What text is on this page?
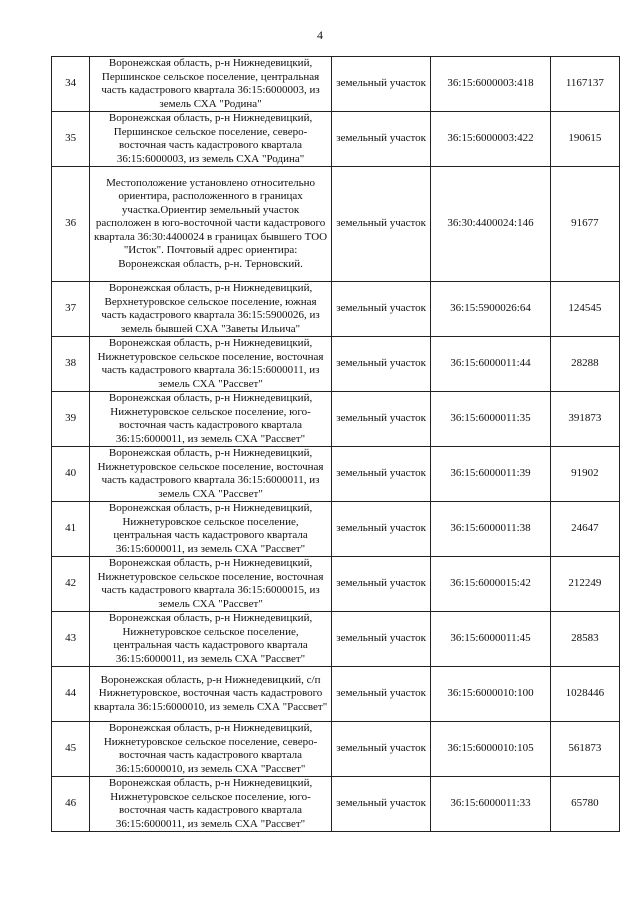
4
34	Воронежская область, р-н Нижнедевицкий, Першинское сельское поселение, центральная часть кадастрового квартала 36:15:6000003, из земель СХА "Родина"	земельный участок	36:15:6000003:418	1167137
35	Воронежская область, р-н Нижнедевицкий, Першинское сельское поселение, северо-восточная часть кадастрового квартала 36:15:6000003, из земель СХА "Родина"	земельный участок	36:15:6000003:422	190615
36	Местоположение установлено относительно ориентира, расположенного в границах участка.Ориентир земельный участок расположен в юго-восточной части кадастрового квартала 36:30:4400024 в границах бывшего ТОО "Исток". Почтовый адрес ориентира: Воронежская область, р-н. Терновский.	земельный участок	36:30:4400024:146	91677
37	Воронежская область, р-н Нижнедевицкий, Верхнетуровское сельское поселение, южная часть кадастрового квартала 36:15:5900026, из земель бывшей СХА "Заветы Ильича"	земельный участок	36:15:5900026:64	124545
38	Воронежская область, р-н Нижнедевицкий, Нижнетуровское сельское поселение, восточная часть кадастрового квартала 36:15:6000011, из земель СХА "Рассвет"	земельный участок	36:15:6000011:44	28288
39	Воронежская область, р-н Нижнедевицкий, Нижнетуровское сельское поселение, юго-восточная часть кадастрового квартала 36:15:6000011, из земель СХА "Рассвет"	земельный участок	36:15:6000011:35	391873
40	Воронежская область, р-н Нижнедевицкий, Нижнетуровское сельское поселение, восточная часть кадастрового квартала 36:15:6000011, из земель СХА "Рассвет"	земельный участок	36:15:6000011:39	91902
41	Воронежская область, р-н Нижнедевицкий, Нижнетуровское сельское поселение, центральная часть кадастрового квартала 36:15:6000011, из земель СХА "Рассвет"	земельный участок	36:15:6000011:38	24647
42	Воронежская область, р-н Нижнедевицкий, Нижнетуровское сельское поселение, восточная часть кадастрового квартала 36:15:6000015, из земель СХА "Рассвет"	земельный участок	36:15:6000015:42	212249
43	Воронежская область, р-н Нижнедевицкий, Нижнетуровское сельское поселение, центральная часть кадастрового квартала 36:15:6000011, из земель СХА "Рассвет"	земельный участок	36:15:6000011:45	28583
44	Воронежская область, р-н Нижнедевицкий, с/п Нижнетуровское, восточная часть кадастрового квартала 36:15:6000010, из земель СХА "Рассвет"	земельный участок	36:15:6000010:100	1028446
45	Воронежская область, р-н Нижнедевицкий, Нижнетуровское сельское поселение, северо-восточная часть кадастрового квартала 36:15:6000010, из земель СХА "Рассвет"	земельный участок	36:15:6000010:105	561873
46	Воронежская область, р-н Нижнедевицкий, Нижнетуровское сельское поселение, юго-восточная часть кадастрового квартала 36:15:6000011, из земель СХА "Рассвет"	земельный участок	36:15:6000011:33	65780
